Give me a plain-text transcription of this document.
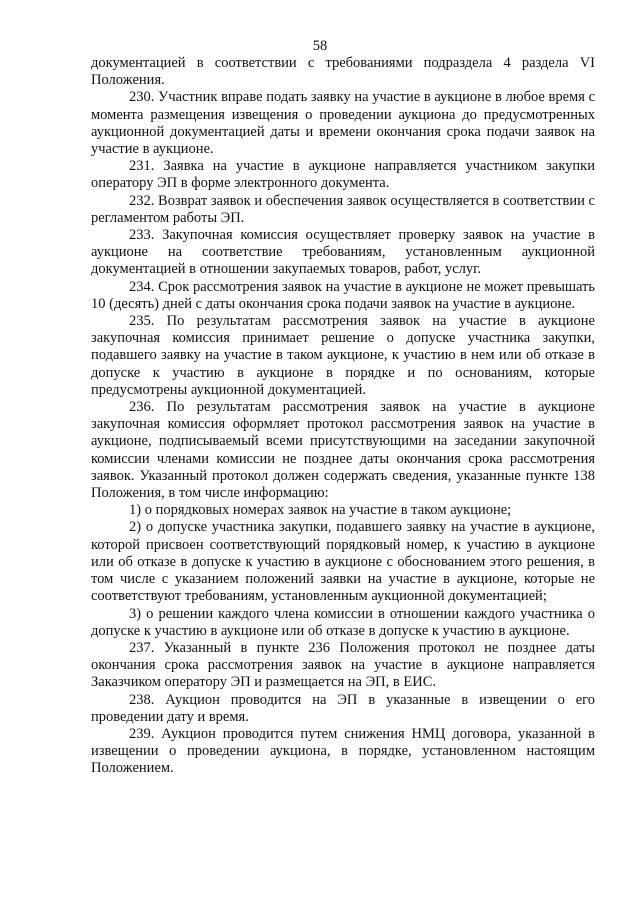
58

документацией в соответствии с требованиями подраздела 4 раздела VI Положения.

230. Участник вправе подать заявку на участие в аукционе в любое время с момента размещения извещения о проведении аукциона до предусмотренных аукционной документацией даты и времени окончания срока подачи заявок на участие в аукционе.

231. Заявка на участие в аукционе направляется участником закупки оператору ЭП в форме электронного документа.

232. Возврат заявок и обеспечения заявок осуществляется в соответствии с регламентом работы ЭП.

233. Закупочная комиссия осуществляет проверку заявок на участие в аукционе на соответствие требованиям, установленным аукционной документацией в отношении закупаемых товаров, работ, услуг.

234. Срок рассмотрения заявок на участие в аукционе не может превышать 10 (десять) дней с даты окончания срока подачи заявок на участие в аукционе.

235. По результатам рассмотрения заявок на участие в аукционе закупочная комиссия принимает решение о допуске участника закупки, подавшего заявку на участие в таком аукционе, к участию в нем или об отказе в допуске к участию в аукционе в порядке и по основаниям, которые предусмотрены аукционной документацией.

236. По результатам рассмотрения заявок на участие в аукционе закупочная комиссия оформляет протокол рассмотрения заявок на участие в аукционе, подписываемый всеми присутствующими на заседании закупочной комиссии членами комиссии не позднее даты окончания срока рассмотрения заявок. Указанный протокол должен содержать сведения, указанные пункте 138 Положения, в том числе информацию:

1) о порядковых номерах заявок на участие в таком аукционе;

2) о допуске участника закупки, подавшего заявку на участие в аукционе, которой присвоен соответствующий порядковый номер, к участию в аукционе или об отказе в допуске к участию в аукционе с обоснованием этого решения, в том числе с указанием положений заявки на участие в аукционе, которые не соответствуют требованиям, установленным аукционной документацией;

3) о решении каждого члена комиссии в отношении каждого участника о допуске к участию в аукционе или об отказе в допуске к участию в аукционе.

237. Указанный в пункте 236 Положения протокол не позднее даты окончания срока рассмотрения заявок на участие в аукционе направляется Заказчиком оператору ЭП и размещается на ЭП, в ЕИС.

238. Аукцион проводится на ЭП в указанные в извещении о его проведении дату и время.

239. Аукцион проводится путем снижения НМЦ договора, указанной в извещении о проведении аукциона, в порядке, установленном настоящим Положением.
